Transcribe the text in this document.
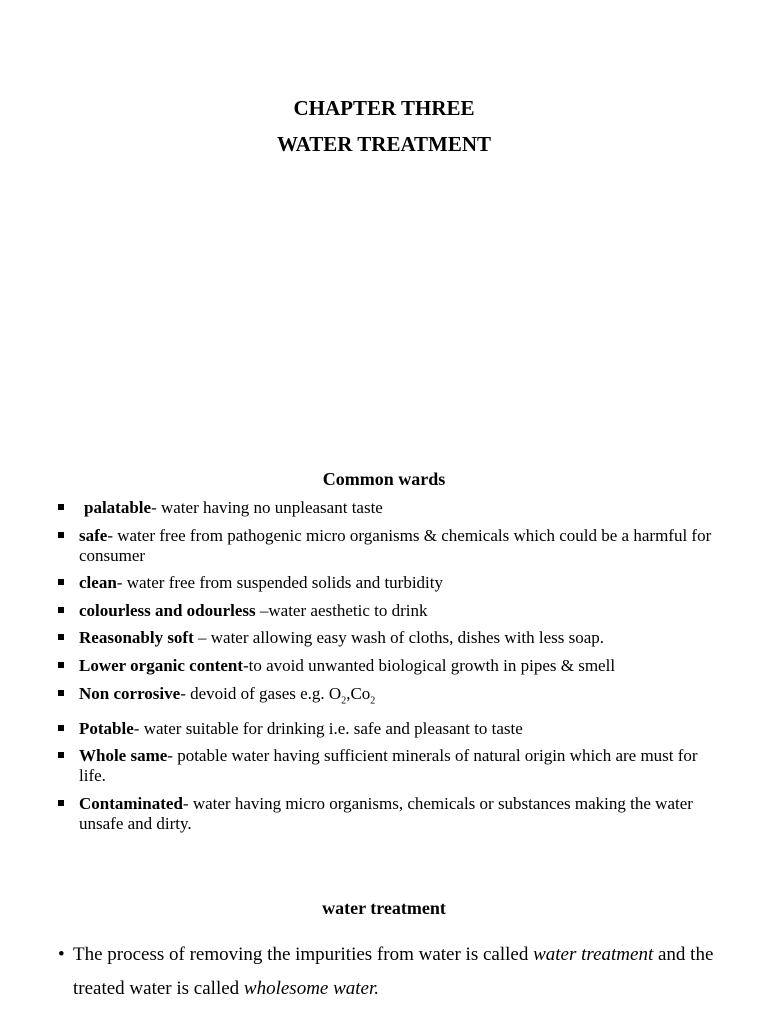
CHAPTER THREE
WATER TREATMENT
Common wards
palatable- water having no unpleasant taste
safe- water free from pathogenic micro organisms & chemicals which could be a harmful for consumer
clean- water free from suspended solids and turbidity
colourless and odourless –water aesthetic to drink
Reasonably soft – water allowing easy wash of cloths, dishes with less soap.
Lower organic content-to avoid unwanted biological growth in pipes & smell
Non corrosive- devoid of gases e.g. $O_2,Co_2$
Potable- water suitable for drinking i.e. safe and pleasant to taste
Whole same- potable water having sufficient minerals of natural origin which are must for life.
Contaminated- water having micro organisms, chemicals or substances making the water unsafe and dirty.
water treatment

• The process of removing the impurities from water is called water treatment and the treated water is called wholesome water.
